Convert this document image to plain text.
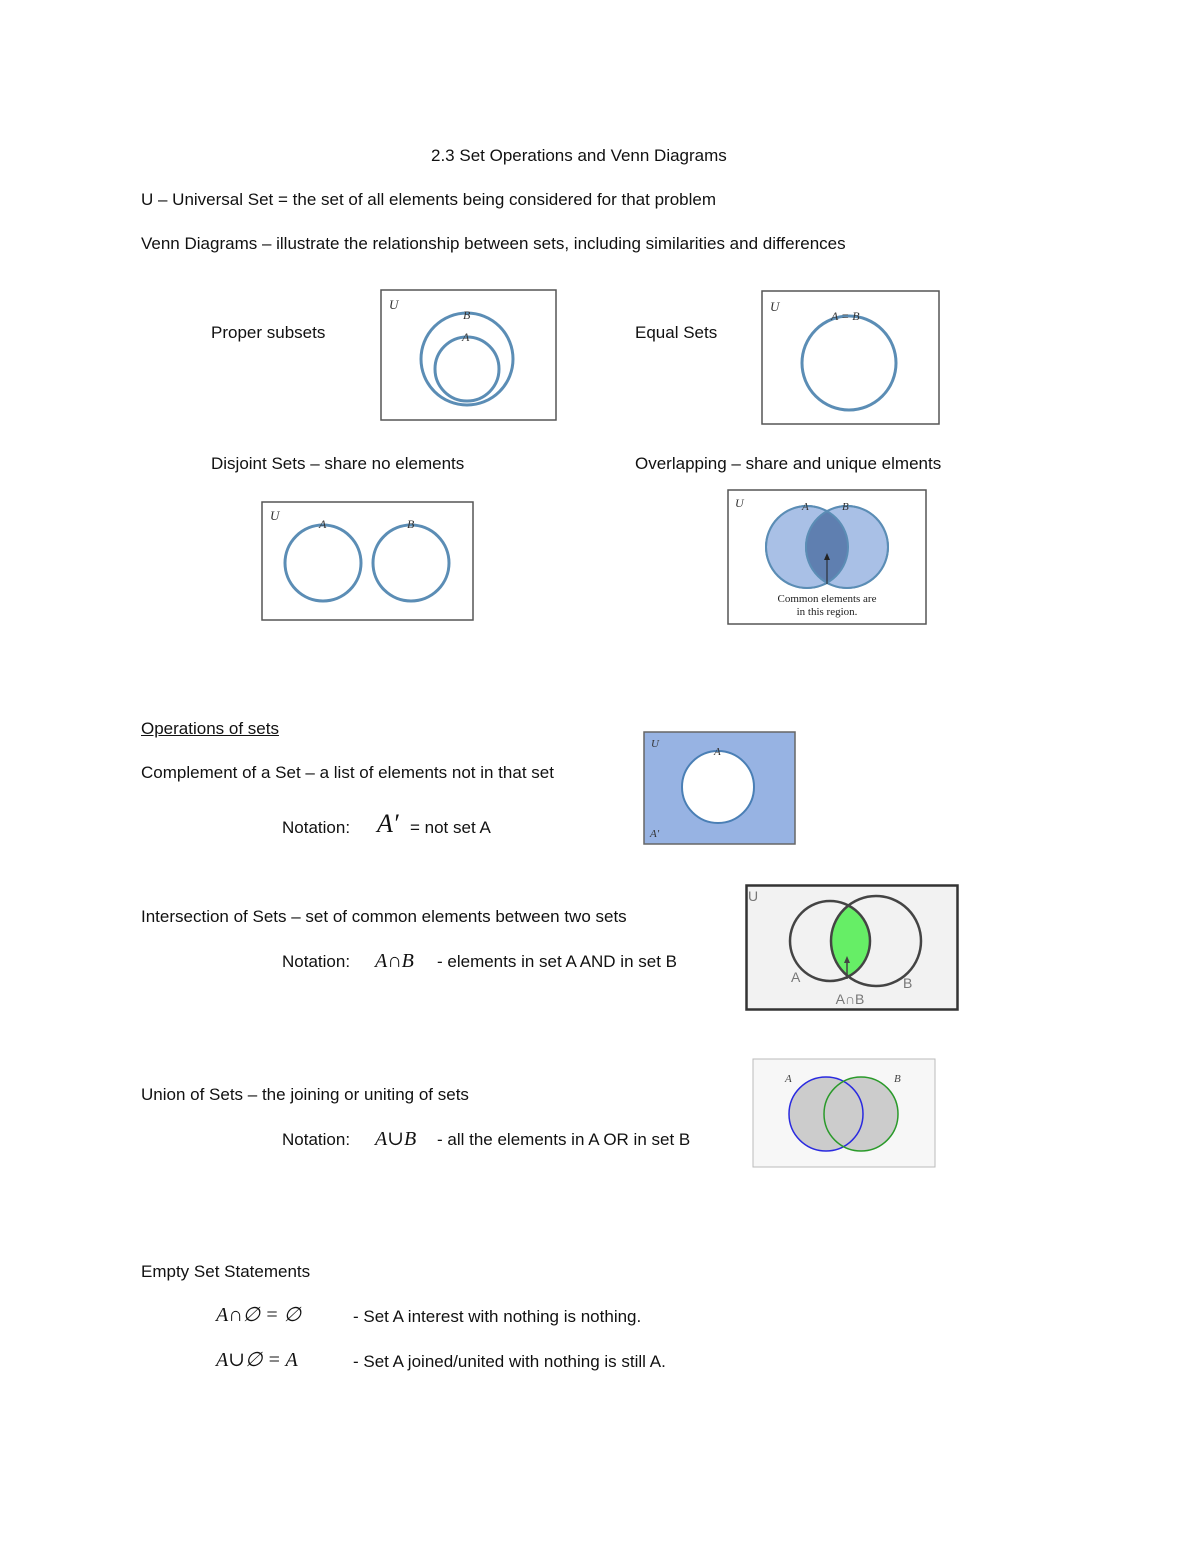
2.3 Set Operations and Venn Diagrams
U – Universal Set = the set of all elements being considered for that problem
Venn Diagrams – illustrate the relationship between sets, including similarities and differences
Proper subsets	Equal Sets
Disjoint Sets – share no elements	Overlapping – share and unique elments
U
B
A
U
A = B
U
A	B
U	A	B
Common elements are
in this region.
Operations of sets
Complement of a Set – a list of elements not in that set
Notation: A′ = not set A
U
A
A′
Intersection of Sets – set of common elements between two sets
Notation: A∩B - elements in set A AND in set B
U
A	B
A∩B
Union of Sets – the joining or uniting of sets
Notation: A∪B - all the elements in A OR in set B
A	B
Empty Set Statements
A∩∅ = ∅	- Set A interest with nothing is nothing.
A∪∅ = A	- Set A joined/united with nothing is still A.
